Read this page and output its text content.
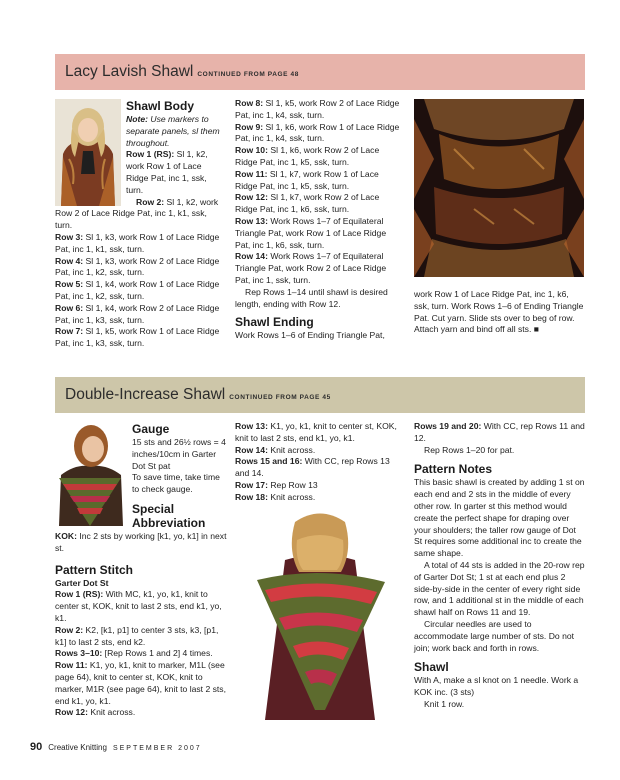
Lacy Lavish Shawl CONTINUED FROM PAGE 48
Shawl Body

Note: Use markers to separate panels, sl them throughout.

Row 1 (RS): Sl 1, k2, work Row 1 of Lace Ridge Pat, inc 1, ssk, turn.

Row 2: Sl 1, k2, work Row 2 of Lace Ridge Pat, inc 1, k1, ssk, turn.

Row 3: Sl 1, k3, work Row 1 of Lace Ridge Pat, inc 1, k1, ssk, turn.

Row 4: Sl 1, k3, work Row 2 of Lace Ridge Pat, inc 1, k2, ssk, turn.

Row 5: Sl 1, k4, work Row 1 of Lace Ridge Pat, inc 1, k2, ssk, turn.

Row 6: Sl 1, k4, work Row 2 of Lace Ridge Pat, inc 1, k3, ssk, turn.

Row 7: Sl 1, k5, work Row 1 of Lace Ridge Pat, inc 1, k3, ssk, turn.

Row 8: Sl 1, k5, work Row 2 of Lace Ridge Pat, inc 1, k4, ssk, turn.

Row 9: Sl 1, k6, work Row 1 of Lace Ridge Pat, inc 1, k4, ssk, turn.

Row 10: Sl 1, k6, work Row 2 of Lace Ridge Pat, inc 1, k5, ssk, turn.

Row 11: Sl 1, k7, work Row 1 of Lace Ridge Pat, inc 1, k5, ssk, turn.

Row 12: Sl 1, k7, work Row 2 of Lace Ridge Pat, inc 1, k6, ssk, turn.

Row 13: Work Rows 1–7 of Equilateral Triangle Pat, work Row 1 of Lace Ridge Pat, inc 1, k6, ssk, turn.

Row 14: Work Rows 1–7 of Equilateral Triangle Pat, work Row 2 of Lace Ridge Pat, inc 1, ssk, turn.

Rep Rows 1–14 until shawl is desired length, ending with Row 12.

Shawl Ending

Work Rows 1–6 of Ending Triangle Pat,

work Row 1 of Lace Ridge Pat, inc 1, k6, ssk, turn. Work Rows 1–6 of Ending Triangle Pat. Cut yarn. Slide sts over to beg of row. Attach yarn and bind off all sts. ■

Double-Increase Shawl CONTINUED FROM PAGE 45
Gauge

15 sts and 26½ rows = 4 inches/10cm in Garter Dot St pat

To save time, take time to check gauge.

Special Abbreviation

KOK: Inc 2 sts by working [k1, yo, k1] in next st.

Pattern Stitch

Garter Dot St

Row 1 (RS): With MC, k1, yo, k1, knit to center st, KOK, knit to last 2 sts, end k1, yo, k1.

Row 2: K2, [k1, p1] to center 3 sts, k3, [p1, k1] to last 2 sts, end k2.

Rows 3–10: [Rep Rows 1 and 2] 4 times.

Row 11: K1, yo, k1, knit to marker, M1L (see page 64), knit to center st, KOK, knit to marker, M1R (see page 64), knit to last 2 sts, end k1, yo, k1.

Row 12: Knit across.

Row 13: K1, yo, k1, knit to center st, KOK, knit to last 2 sts, end k1, yo, k1.

Row 14: Knit across.

Rows 15 and 16: With CC, rep Rows 13 and 14.

Row 17: Rep Row 13

Row 18: Knit across.

Rows 19 and 20: With CC, rep Rows 11 and 12.

Rep Rows 1–20 for pat.

Pattern Notes

This basic shawl is created by adding 1 st on each end and 2 sts in the middle of every other row. In garter st this method would create the perfect shape for draping over your shoulders; the taller row gauge of Dot St requires some additional inc to create the same shape.

A total of 44 sts is added in the 20-row rep of Garter Dot St; 1 st at each end plus 2 side-by-side in the center of every right side row, and 1 additional st in the middle of each shawl half on Rows 11 and 19.

Circular needles are used to accommodate large number of sts. Do not join; work back and forth in rows.

Shawl

With A, make a sl knot on 1 needle. Work a KOK inc. (3 sts)

Knit 1 row.

90 Creative Knitting SEPTEMBER 2007
